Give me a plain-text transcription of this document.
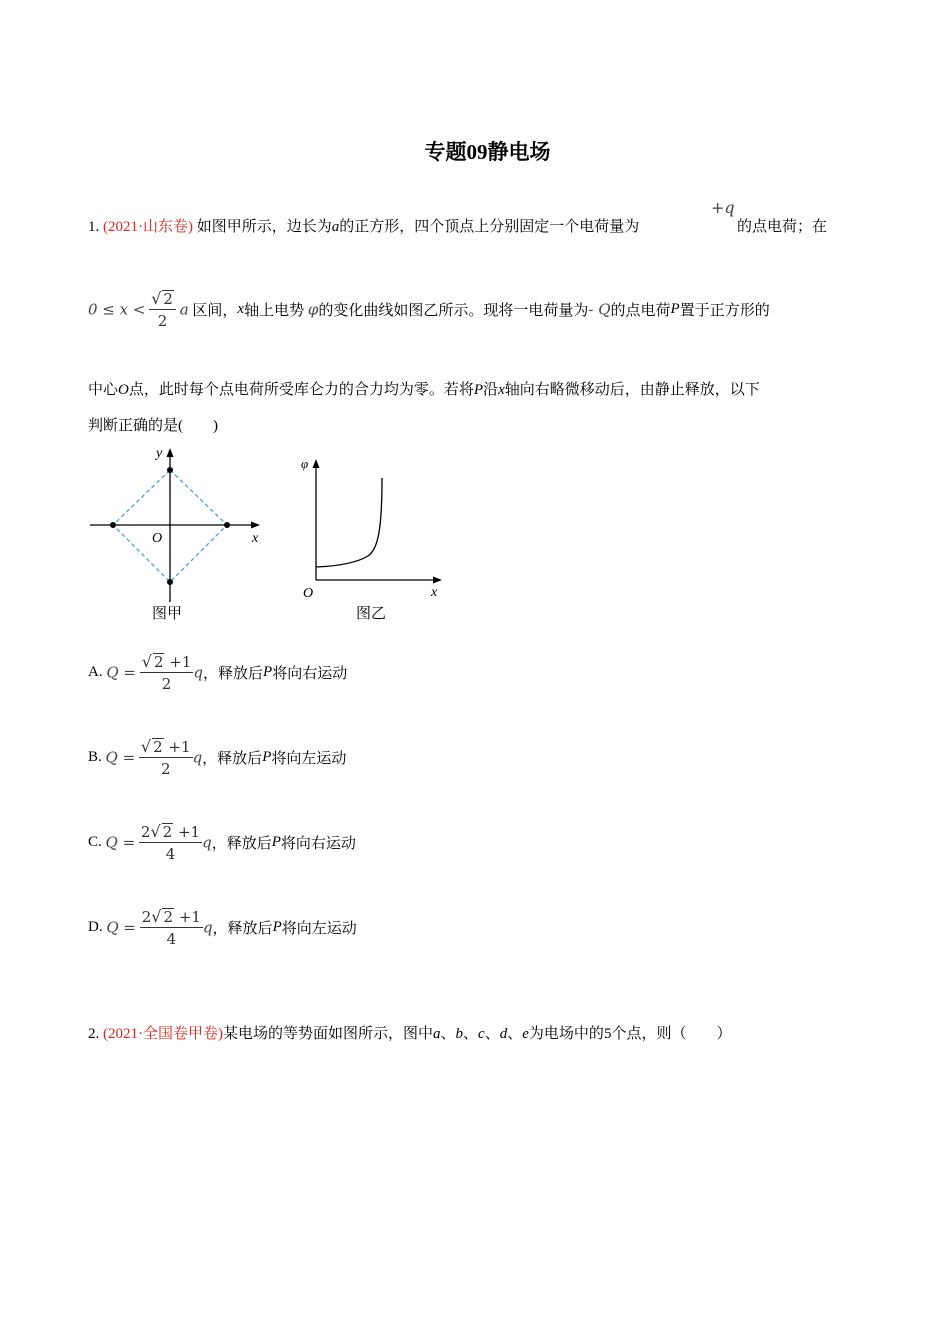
专题09静电场
1. (2021·山东卷) 如图甲所示，边长为a的正方形，四个顶点上分别固定一个电荷量为
+q
的点电荷；在
$0 \le x < \frac{√ 2}{2}$ a 区间，x轴上电势 φ的变化曲线如图乙所示。现将一电荷量为- Q的点电荷P置于正方形的
中心O点，此时每个点电荷所受库仑力的合力均为零。若将P沿x轴向右略微移动后，由静止释放，以下
判断正确的是(　　)
y
x
O
图甲
φ
x
O
图乙
A. $Q = \frac{√ 2 +1}{2}$ q，释放后P将向右运动
B. $Q = \frac{√ 2 +1}{2}$ q，释放后P将向左运动
C. $Q = \frac{2√ 2 +1}{4}$ q，释放后P将向右运动
D. $Q = \frac{2√ 2 +1}{4}$ q，释放后P将向左运动
2. (2021·全国卷甲卷)某电场的等势面如图所示，图中a、b、c、d、e为电场中的5个点，则（　　）
